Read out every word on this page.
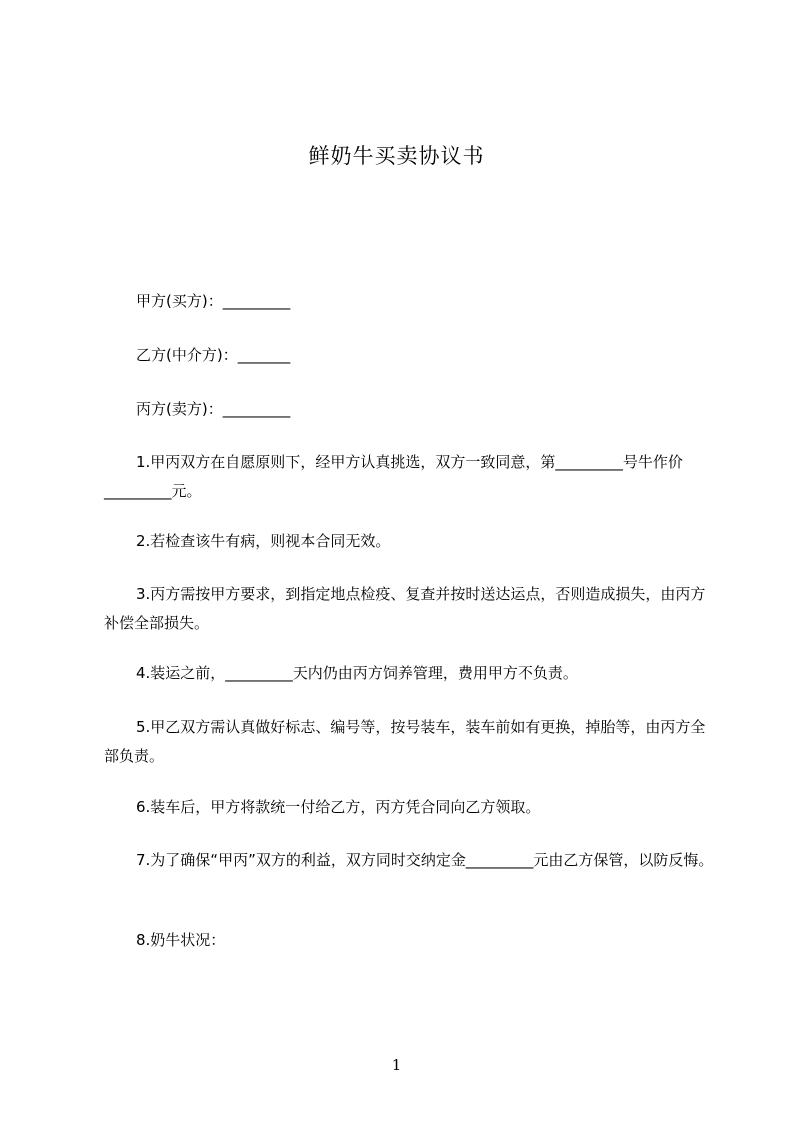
鲜奶牛买卖协议书
甲方(买方)：_________
乙方(中介方)：_______
丙方(卖方)：_________
1.甲丙双方在自愿原则下，经甲方认真挑选，双方一致同意，第_________号牛作价_________元。
2.若检查该牛有病，则视本合同无效。
3.丙方需按甲方要求，到指定地点检疫、复查并按时送达运点，否则造成损失，由丙方补偿全部损失。
4.装运之前，_________天内仍由丙方饲养管理，费用甲方不负责。
5.甲乙双方需认真做好标志、编号等，按号装车，装车前如有更换，掉胎等，由丙方全部负责。
6.装车后，甲方将款统一付给乙方，丙方凭合同向乙方领取。
7.为了确保“甲丙”双方的利益，双方同时交纳定金_________元由乙方保管，以防反悔。
8.奶牛状况：
1
